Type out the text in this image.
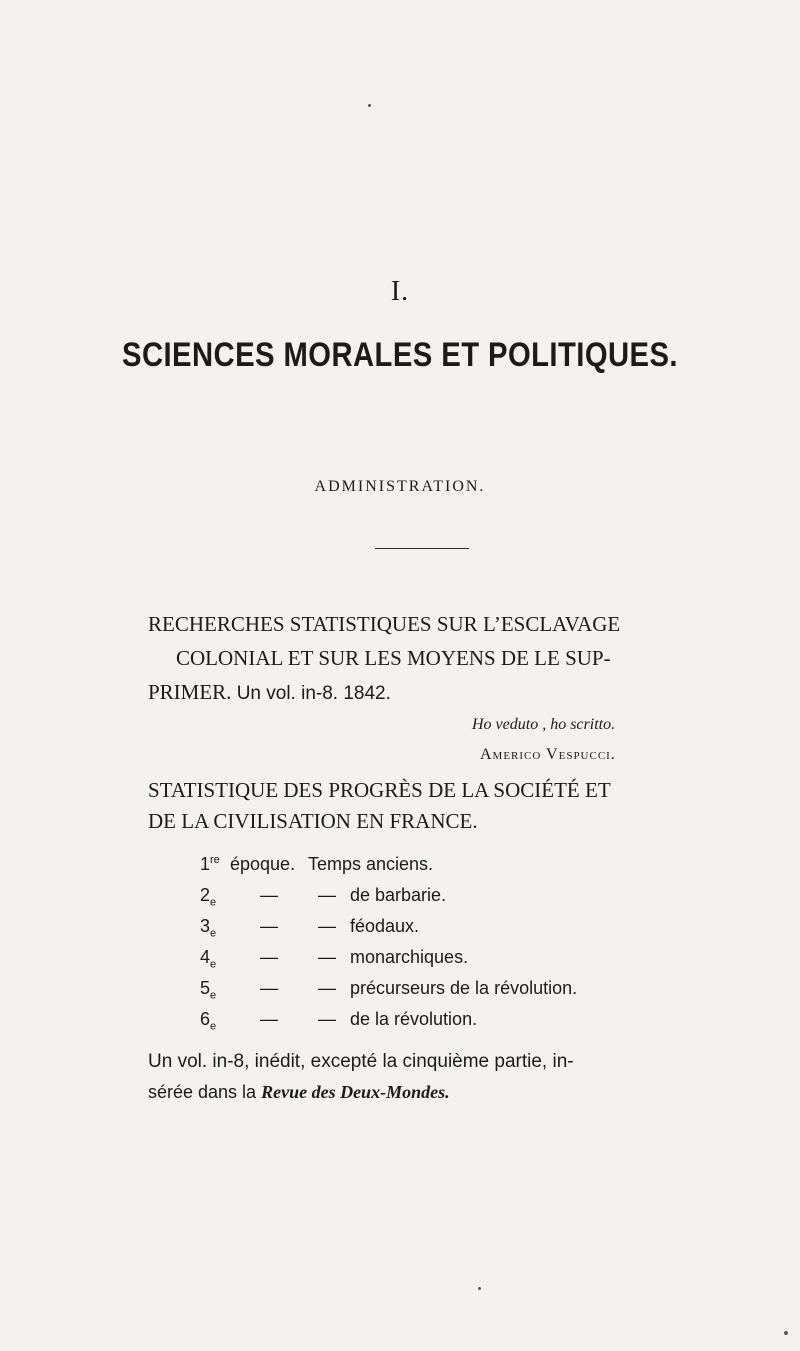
I.
SCIENCES MORALES ET POLITIQUES.
ADMINISTRATION.
RECHERCHES STATISTIQUES SUR L’ESCLAVAGE
COLONIAL ET SUR LES MOYENS DE LE SUP-
PRIMER. Un vol. in-8. 1842.
Ho veduto , ho scritto.
Americo Vespucci.
STATISTIQUE DES PROGRÈS DE LA SOCIÉTÉ ET
DE LA CIVILISATION EN FRANCE.
1re époque. Temps anciens.
$2_e$ — — de barbarie.
$3_e$ — — féodaux.
$4_e$ — — monarchiques.
$5_e$ — — précurseurs de la révolution.
$6_e$ — — de la révolution.
Un vol. in-8, inédit, excepté la cinquième partie, in-
sérée dans la Revue des Deux-Mondes.
